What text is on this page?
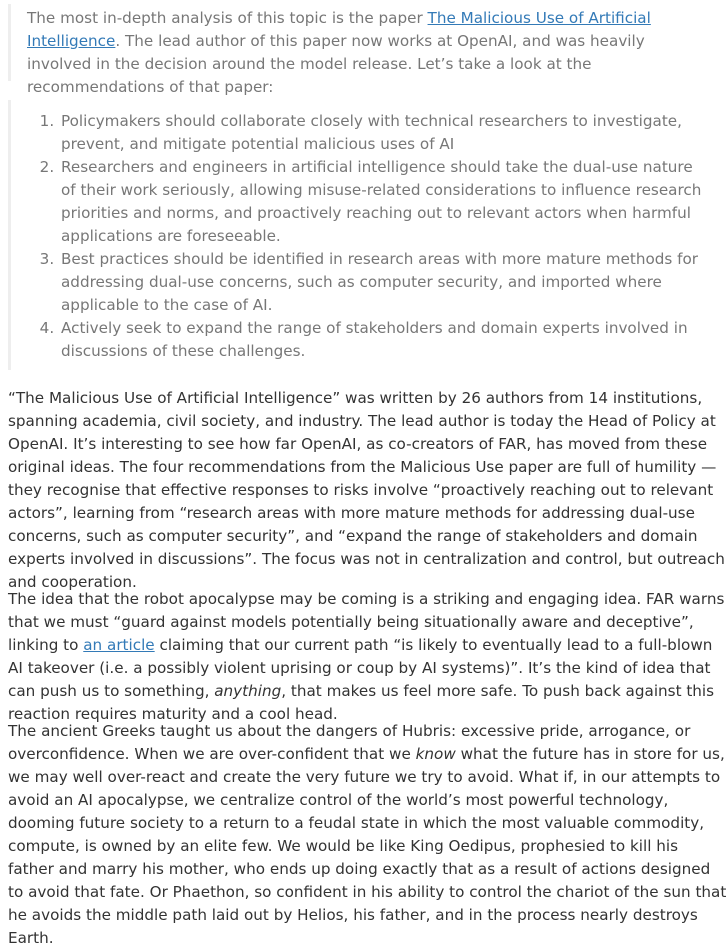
The most in-depth analysis of this topic is the paper The Malicious Use of Artificial Intelligence. The lead author of this paper now works at OpenAI, and was heavily involved in the decision around the model release. Let’s take a look at the recommendations of that paper:

1. Policymakers should collaborate closely with technical researchers to investigate, prevent, and mitigate potential malicious uses of AI
2. Researchers and engineers in artificial intelligence should take the dual-use nature of their work seriously, allowing misuse-related considerations to influence research priorities and norms, and proactively reaching out to relevant actors when harmful applications are foreseeable.
3. Best practices should be identified in research areas with more mature methods for addressing dual-use concerns, such as computer security, and imported where applicable to the case of AI.
4. Actively seek to expand the range of stakeholders and domain experts involved in discussions of these challenges.

“The Malicious Use of Artificial Intelligence” was written by 26 authors from 14 institutions, spanning academia, civil society, and industry. The lead author is today the Head of Policy at OpenAI. It’s interesting to see how far OpenAI, as co-creators of FAR, has moved from these original ideas. The four recommendations from the Malicious Use paper are full of humility — they recognise that effective responses to risks involve “proactively reaching out to relevant actors”, learning from “research areas with more mature methods for addressing dual-use concerns, such as computer security”, and “expand the range of stakeholders and domain experts involved in discussions”. The focus was not in centralization and control, but outreach and cooperation.

The idea that the robot apocalypse may be coming is a striking and engaging idea. FAR warns that we must “guard against models potentially being situationally aware and deceptive”, linking to an article claiming that our current path “is likely to eventually lead to a full-blown AI takeover (i.e. a possibly violent uprising or coup by AI systems)”. It’s the kind of idea that can push us to something, anything, that makes us feel more safe. To push back against this reaction requires maturity and a cool head.

The ancient Greeks taught us about the dangers of Hubris: excessive pride, arrogance, or overconfidence. When we are over-confident that we know what the future has in store for us, we may well over-react and create the very future we try to avoid. What if, in our attempts to avoid an AI apocalypse, we centralize control of the world’s most powerful technology, dooming future society to a return to a feudal state in which the most valuable commodity, compute, is owned by an elite few. We would be like King Oedipus, prophesied to kill his father and marry his mother, who ends up doing exactly that as a result of actions designed to avoid that fate. Or Phaethon, so confident in his ability to control the chariot of the sun that he avoids the middle path laid out by Helios, his father, and in the process nearly destroys Earth.
